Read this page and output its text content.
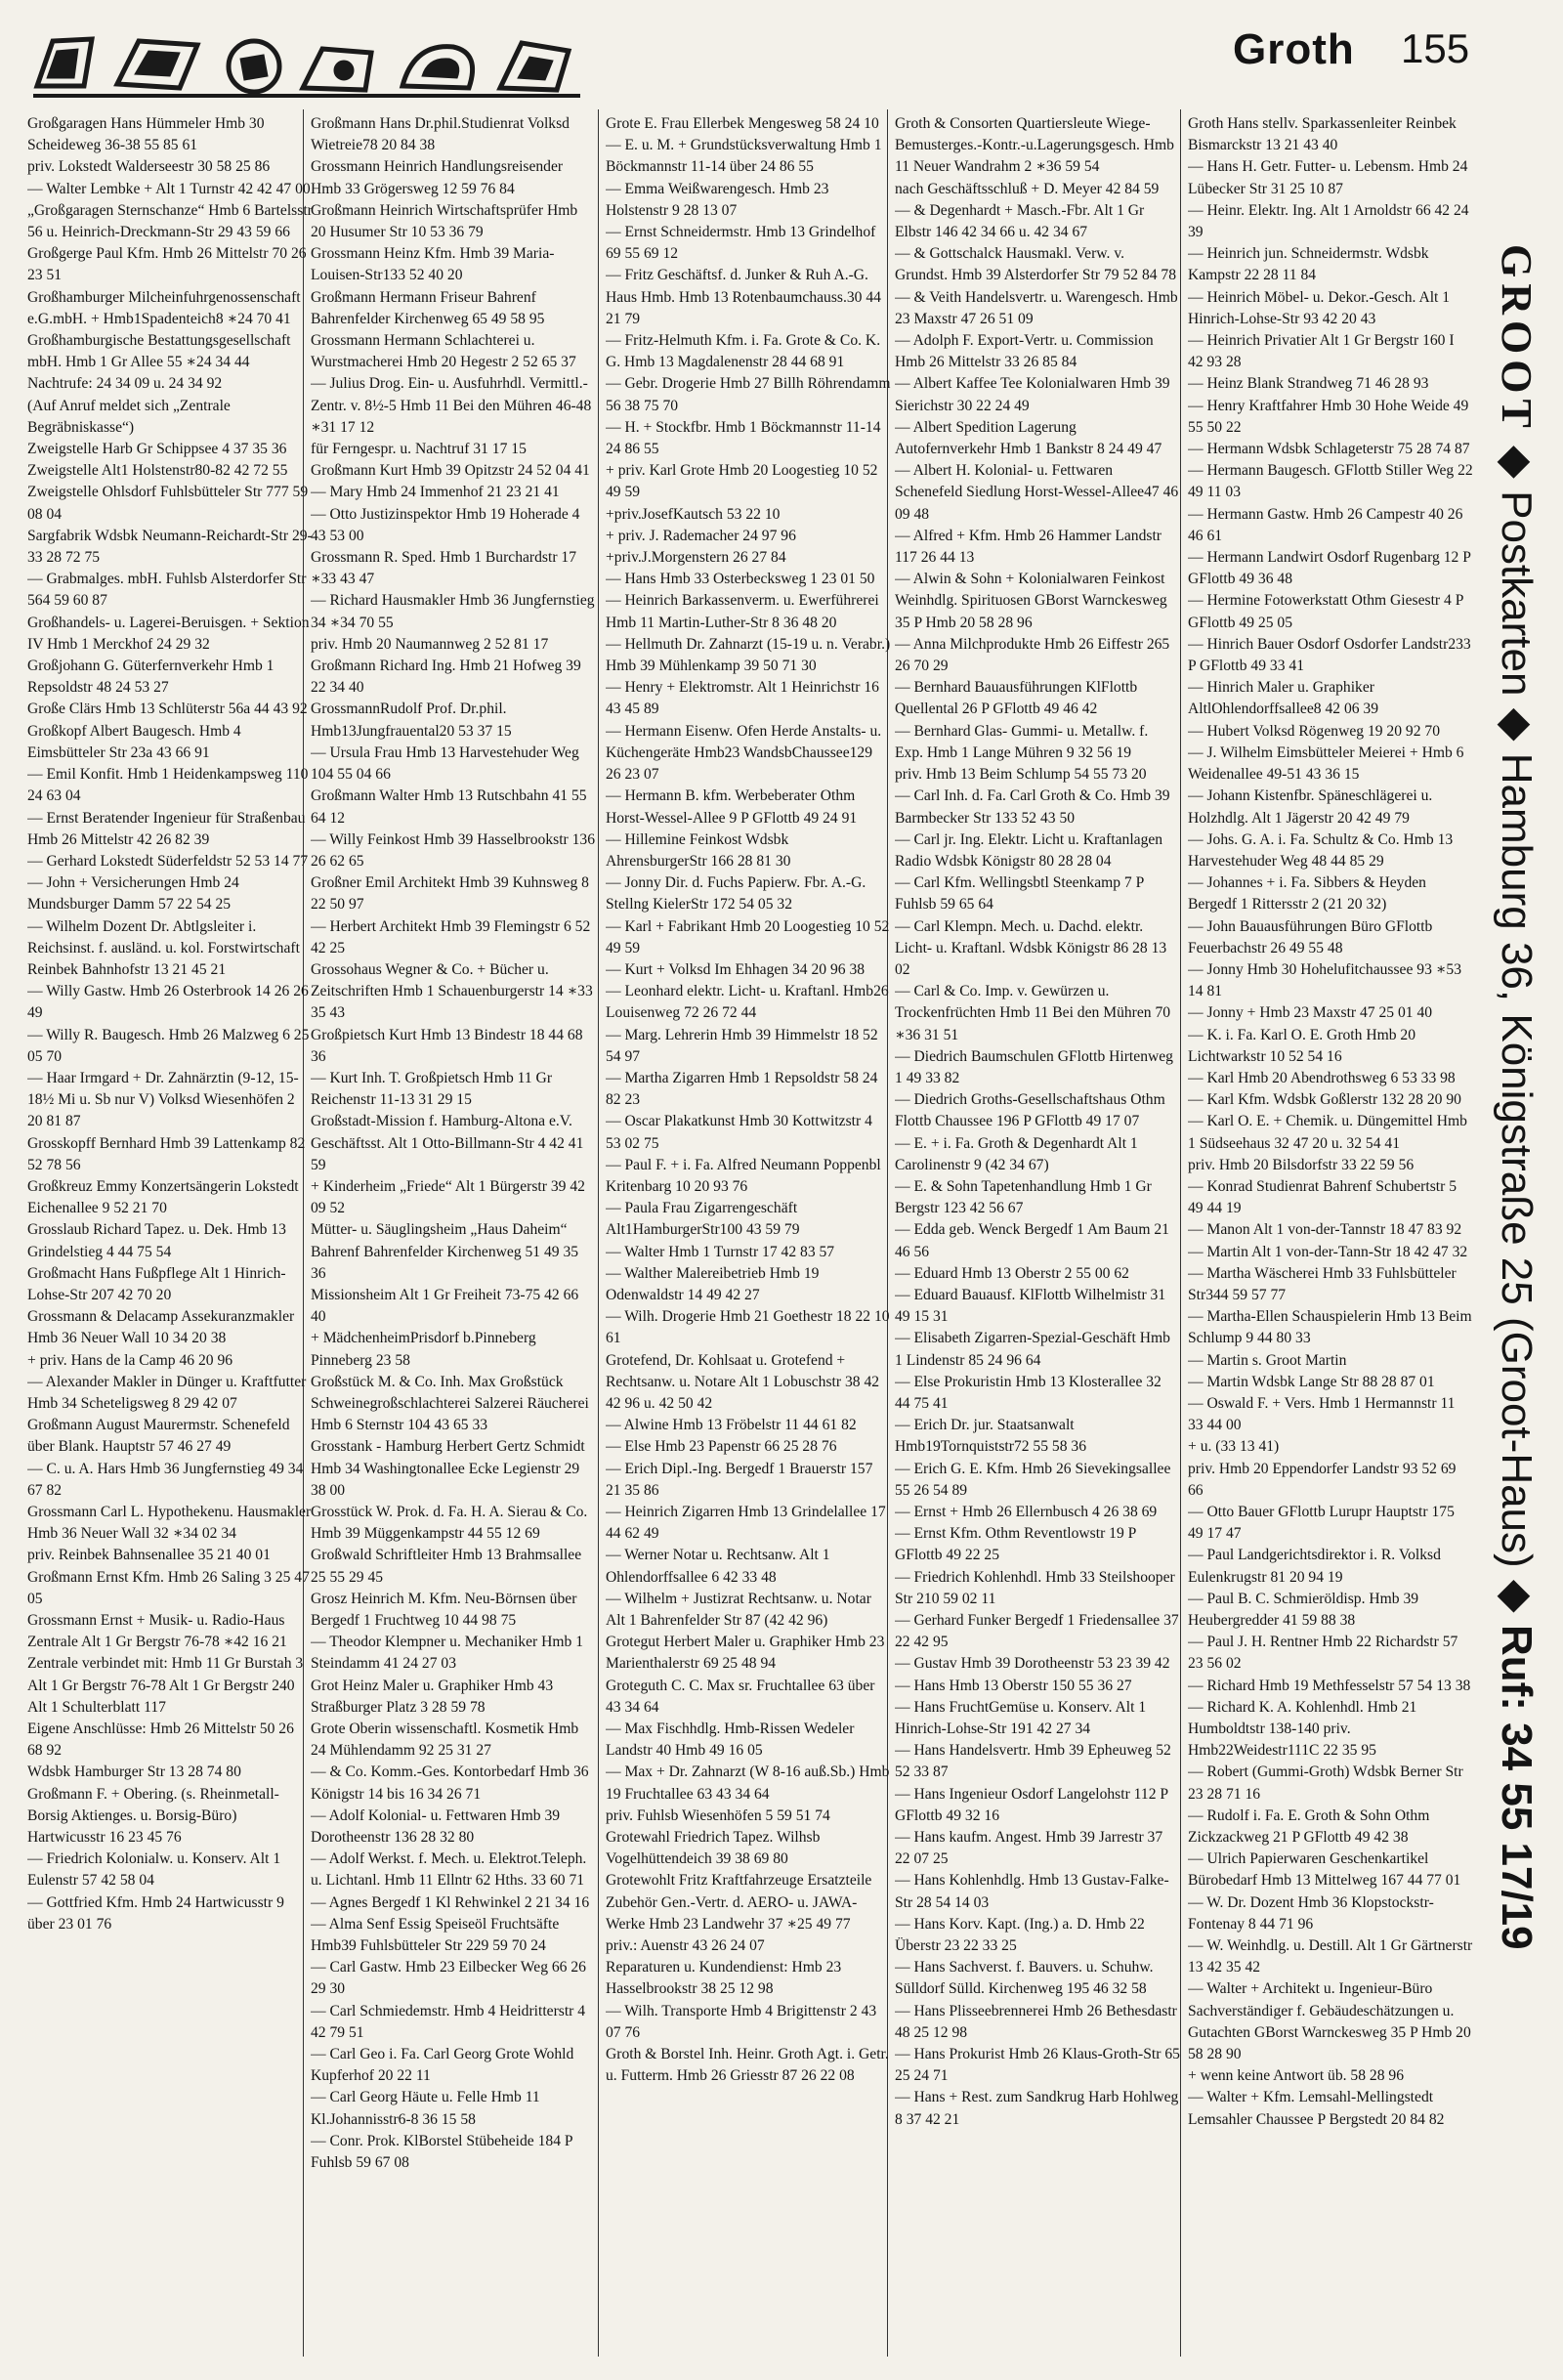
Groth 155

Großgaragen Hans Hümmeler Hmb 30 Scheideweg 36-38 55 85 61

priv. Lokstedt Walderseestr 30 58 25 86

— Walter Lembke + Alt 1 Turnstr 42 42 47 00

„Großgaragen Sternschanze“ Hmb 6 Bartelsstr 56 u. Heinrich-Dreckmann-Str 29 43 59 66

Großgerge Paul Kfm. Hmb 26 Mittelstr 70 26 23 51

Großhamburger Milcheinfuhrgenossenschaft e.G.mbH. + Hmb1Spadenteich8 ∗24 70 41

Großhamburgische Bestattungsgesellschaft mbH. Hmb 1 Gr Allee 55 ∗24 34 44

Nachtrufe: 24 34 09 u. 24 34 92

(Auf Anruf meldet sich „Zentrale Begräbniskasse“)

Zweigstelle Harb Gr Schippsee 4 37 35 36

Zweigstelle Alt1 Holstenstr80-82 42 72 55

Zweigstelle Ohlsdorf Fuhlsbütteler Str 777 59 08 04

Sargfabrik Wdsbk Neumann-Reichardt-Str 29-33 28 72 75

— Grabmalges. mbH. Fuhlsb Alsterdorfer Str 564 59 60 87

Großhandels- u. Lagerei-Beruisgen. + Sektion IV Hmb 1 Merckhof 24 29 32

Großjohann G. Güterfernverkehr Hmb 1 Repsoldstr 48 24 53 27

Große Clärs Hmb 13 Schlüterstr 56a 44 43 92

Großkopf Albert Baugesch. Hmb 4 Eimsbütteler Str 23a 43 66 91

— Emil Konfit. Hmb 1 Heidenkampsweg 110 24 63 04

— Ernst Beratender Ingenieur für Straßenbau Hmb 26 Mittelstr 42 26 82 39

— Gerhard Lokstedt Süderfeldstr 52 53 14 77

— John + Versicherungen Hmb 24 Mundsburger Damm 57 22 54 25

— Wilhelm Dozent Dr. Abtlgsleiter i. Reichsinst. f. ausländ. u. kol. Forstwirtschaft Reinbek Bahnhofstr 13 21 45 21

— Willy Gastw. Hmb 26 Osterbrook 14 26 26 49

— Willy R. Baugesch. Hmb 26 Malzweg 6 25 05 70

— Haar Irmgard + Dr. Zahnärztin (9-12, 15-18½ Mi u. Sb nur V) Volksd Wiesenhöfen 2 20 81 87

Grosskopff Bernhard Hmb 39 Lattenkamp 82 52 78 56

Großkreuz Emmy Konzertsängerin Lokstedt Eichenallee 9 52 21 70

Grosslaub Richard Tapez. u. Dek. Hmb 13 Grindelstieg 4 44 75 54

Großmacht Hans Fußpflege Alt 1 Hinrich-Lohse-Str 207 42 70 20

Grossmann & Delacamp Assekuranzmakler Hmb 36 Neuer Wall 10 34 20 38

+ priv. Hans de la Camp 46 20 96

— Alexander Makler in Dünger u. Kraftfutter Hmb 34 Scheteligsweg 8 29 42 07

Großmann August Maurermstr. Schenefeld über Blank. Hauptstr 57 46 27 49

— C. u. A. Hars Hmb 36 Jungfernstieg 49 34 67 82

Grossmann Carl L. Hypothekenu. Hausmakler Hmb 36 Neuer Wall 32 ∗34 02 34

priv. Reinbek Bahnsenallee 35 21 40 01

Großmann Ernst Kfm. Hmb 26 Saling 3 25 47 05

Grossmann Ernst + Musik- u. Radio-Haus Zentrale Alt 1 Gr Bergstr 76-78 ∗42 16 21

Zentrale verbindet mit: Hmb 11 Gr Burstah 3 Alt 1 Gr Bergstr 76-78 Alt 1 Gr Bergstr 240 Alt 1 Schulterblatt 117

Eigene Anschlüsse: Hmb 26 Mittelstr 50 26 68 92

Wdsbk Hamburger Str 13 28 74 80

Großmann F. + Obering. (s. Rheinmetall-Borsig Aktienges. u. Borsig-Büro) Hartwicusstr 16 23 45 76

— Friedrich Kolonialw. u. Konserv. Alt 1 Eulenstr 57 42 58 04

— Gottfried Kfm. Hmb 24 Hartwicusstr 9 über 23 01 76

Großmann Hans Dr.phil.Studienrat Volksd Wietreie78 20 84 38

Grossmann Heinrich Handlungsreisender Hmb 33 Grögersweg 12 59 76 84

Großmann Heinrich Wirtschaftsprüfer Hmb 20 Husumer Str 10 53 36 79

Grossmann Heinz Kfm. Hmb 39 Maria-Louisen-Str133 52 40 20

Großmann Hermann Friseur Bahrenf Bahrenfelder Kirchenweg 65 49 58 95

Grossmann Hermann Schlachterei u. Wurstmacherei Hmb 20 Hegestr 2 52 65 37

— Julius Drog. Ein- u. Ausfuhrhdl. Vermittl.-Zentr. v. 8½-5 Hmb 11 Bei den Mühren 46-48 ∗31 17 12

für Ferngespr. u. Nachtruf 31 17 15

Großmann Kurt Hmb 39 Opitzstr 24 52 04 41

— Mary Hmb 24 Immenhof 21 23 21 41

— Otto Justizinspektor Hmb 19 Hoherade 4 43 53 00

Grossmann R. Sped. Hmb 1 Burchardstr 17 ∗33 43 47

— Richard Hausmakler Hmb 36 Jungfernstieg 34 ∗34 70 55

priv. Hmb 20 Naumannweg 2 52 81 17

Großmann Richard Ing. Hmb 21 Hofweg 39 22 34 40

GrossmannRudolf Prof. Dr.phil. Hmb13Jungfrauental20 53 37 15

— Ursula Frau Hmb 13 Harvestehuder Weg 104 55 04 66

Großmann Walter Hmb 13 Rutschbahn 41 55 64 12

— Willy Feinkost Hmb 39 Hasselbrookstr 136 26 62 65

Großner Emil Architekt Hmb 39 Kuhnsweg 8 22 50 97

— Herbert Architekt Hmb 39 Flemingstr 6 52 42 25

Grossohaus Wegner & Co. + Bücher u. Zeitschriften Hmb 1 Schauenburgerstr 14 ∗33 35 43

Großpietsch Kurt Hmb 13 Bindestr 18 44 68 36

— Kurt Inh. T. Großpietsch Hmb 11 Gr Reichenstr 11-13 31 29 15

Großstadt-Mission f. Hamburg-Altona e.V. Geschäftsst. Alt 1 Otto-Billmann-Str 4 42 41 59

+ Kinderheim „Friede“ Alt 1 Bürgerstr 39 42 09 52

Mütter- u. Säuglingsheim „Haus Daheim“ Bahrenf Bahrenfelder Kirchenweg 51 49 35 36

Missionsheim Alt 1 Gr Freiheit 73-75 42 66 40

+ MädchenheimPrisdorf b.Pinneberg Pinneberg 23 58

Großstück M. & Co. Inh. Max Großstück Schweinegroßschlachterei Salzerei Räucherei Hmb 6 Sternstr 104 43 65 33

Grosstank - Hamburg Herbert Gertz Schmidt Hmb 34 Washingtonallee Ecke Legienstr 29 38 00

Grosstück W. Prok. d. Fa. H. A. Sierau & Co. Hmb 39 Müggenkampstr 44 55 12 69

Großwald Schriftleiter Hmb 13 Brahmsallee 25 55 29 45

Grosz Heinrich M. Kfm. Neu-Börnsen über Bergedf 1 Fruchtweg 10 44 98 75

— Theodor Klempner u. Mechaniker Hmb 1 Steindamm 41 24 27 03

Grot Heinz Maler u. Graphiker Hmb 43 Straßburger Platz 3 28 59 78

Grote Oberin wissenschaftl. Kosmetik Hmb 24 Mühlendamm 92 25 31 27

— & Co. Komm.-Ges. Kontorbedarf Hmb 36 Königstr 14 bis 16 34 26 71

— Adolf Kolonial- u. Fettwaren Hmb 39 Dorotheenstr 136 28 32 80

— Adolf Werkst. f. Mech. u. Elektrot.Teleph. u. Lichtanl. Hmb 11 Ellntr 62 Hths. 33 60 71

— Agnes Bergedf 1 Kl Rehwinkel 2 21 34 16

— Alma Senf Essig Speiseöl Fruchtsäfte Hmb39 Fuhlsbütteler Str 229 59 70 24

— Carl Gastw. Hmb 23 Eilbecker Weg 66 26 29 30

— Carl Schmiedemstr. Hmb 4 Heidritterstr 4 42 79 51

— Carl Geo i. Fa. Carl Georg Grote Wohld Kupferhof 20 22 11

— Carl Georg Häute u. Felle Hmb 11 Kl.Johannisstr6-8 36 15 58

— Conr. Prok. KlBorstel Stübeheide 184 P Fuhlsb 59 67 08

Grote E. Frau Ellerbek Mengesweg 58 24 10

— E. u. M. + Grundstücksverwaltung Hmb 1 Böckmannstr 11-14 über 24 86 55

— Emma Weißwarengesch. Hmb 23 Holstenstr 9 28 13 07

— Ernst Schneidermstr. Hmb 13 Grindelhof 69 55 69 12

— Fritz Geschäftsf. d. Junker & Ruh A.-G. Haus Hmb. Hmb 13 Rotenbaumchauss.30 44 21 79

— Fritz-Helmuth Kfm. i. Fa. Grote & Co. K. G. Hmb 13 Magdalenenstr 28 44 68 91

— Gebr. Drogerie Hmb 27 Billh Röhrendamm 56 38 75 70

— H. + Stockfbr. Hmb 1 Böckmannstr 11-14 24 86 55

+ priv. Karl Grote Hmb 20 Loogestieg 10 52 49 59

+priv.JosefKautsch 53 22 10

+ priv. J. Rademacher 24 97 96

+priv.J.Morgenstern 26 27 84

— Hans Hmb 33 Osterbecksweg 1 23 01 50

— Heinrich Barkassenverm. u. Ewerführerei Hmb 11 Martin-Luther-Str 8 36 48 20

— Hellmuth Dr. Zahnarzt (15-19 u. n. Verabr.) Hmb 39 Mühlenkamp 39 50 71 30

— Henry + Elektromstr. Alt 1 Heinrichstr 16 43 45 89

— Hermann Eisenw. Ofen Herde Anstalts- u. Küchengeräte Hmb23 WandsbChaussee129 26 23 07

— Hermann B. kfm. Werbeberater Othm Horst-Wessel-Allee 9 P GFlottb 49 24 91

— Hillemine Feinkost Wdsbk AhrensburgerStr 166 28 81 30

— Jonny Dir. d. Fuchs Papierw. Fbr. A.-G. Stellng KielerStr 172 54 05 32

— Karl + Fabrikant Hmb 20 Loogestieg 10 52 49 59

— Kurt + Volksd Im Ehhagen 34 20 96 38

— Leonhard elektr. Licht- u. Kraftanl. Hmb26 Louisenweg 72 26 72 44

— Marg. Lehrerin Hmb 39 Himmelstr 18 52 54 97

— Martha Zigarren Hmb 1 Repsoldstr 58 24 82 23

— Oscar Plakatkunst Hmb 30 Kottwitzstr 4 53 02 75

— Paul F. + i. Fa. Alfred Neumann Poppenbl Kritenbarg 10 20 93 76

— Paula Frau Zigarrengeschäft Alt1HamburgerStr100 43 59 79

— Walter Hmb 1 Turnstr 17 42 83 57

— Walther Malereibetrieb Hmb 19 Odenwaldstr 14 49 42 27

— Wilh. Drogerie Hmb 21 Goethestr 18 22 10 61

Grotefend, Dr. Kohlsaat u. Grotefend + Rechtsanw. u. Notare Alt 1 Lobuschstr 38 42 42 96 u. 42 50 42

— Alwine Hmb 13 Fröbelstr 11 44 61 82

— Else Hmb 23 Papenstr 66 25 28 76

— Erich Dipl.-Ing. Bergedf 1 Brauerstr 157 21 35 86

— Heinrich Zigarren Hmb 13 Grindelallee 17 44 62 49

— Werner Notar u. Rechtsanw. Alt 1 Ohlendorffsallee 6 42 33 48

— Wilhelm + Justizrat Rechtsanw. u. Notar Alt 1 Bahrenfelder Str 87 (42 42 96)

Grotegut Herbert Maler u. Graphiker Hmb 23 Marienthalerstr 69 25 48 94

Groteguth C. C. Max sr. Fruchtallee 63 über 43 34 64

— Max Fischhdlg. Hmb-Rissen Wedeler Landstr 40 Hmb 49 16 05

— Max + Dr. Zahnarzt (W 8-16 auß.Sb.) Hmb 19 Fruchtallee 63 43 34 64

priv. Fuhlsb Wiesenhöfen 5 59 51 74

Grotewahl Friedrich Tapez. Wilhsb Vogelhüttendeich 39 38 69 80

Grotewohlt Fritz Kraftfahrzeuge Ersatzteile Zubehör Gen.-Vertr. d. AERO- u. JAWA-Werke Hmb 23 Landwehr 37 ∗25 49 77

priv.: Auenstr 43 26 24 07

Reparaturen u. Kundendienst: Hmb 23 Hasselbrookstr 38 25 12 98

— Wilh. Transporte Hmb 4 Brigittenstr 2 43 07 76

Groth & Borstel Inh. Heinr. Groth Agt. i. Getr. u. Futterm. Hmb 26 Griesstr 87 26 22 08

Groth & Consorten Quartiersleute Wiege-Bemusterges.-Kontr.-u.Lagerungsgesch. Hmb 11 Neuer Wandrahm 2 ∗36 59 54

nach Geschäftsschluß + D. Meyer 42 84 59

— & Degenhardt + Masch.-Fbr. Alt 1 Gr Elbstr 146 42 34 66 u. 42 34 67

— & Gottschalck Hausmakl. Verw. v. Grundst. Hmb 39 Alsterdorfer Str 79 52 84 78

— & Veith Handelsvertr. u. Warengesch. Hmb 23 Maxstr 47 26 51 09

— Adolph F. Export-Vertr. u. Commission Hmb 26 Mittelstr 33 26 85 84

— Albert Kaffee Tee Kolonialwaren Hmb 39 Sierichstr 30 22 24 49

— Albert Spedition Lagerung Autofernverkehr Hmb 1 Bankstr 8 24 49 47

— Albert H. Kolonial- u. Fettwaren Schenefeld Siedlung Horst-Wessel-Allee47 46 09 48

— Alfred + Kfm. Hmb 26 Hammer Landstr 117 26 44 13

— Alwin & Sohn + Kolonialwaren Feinkost Weinhdlg. Spirituosen GBorst Warnckesweg 35 P Hmb 20 58 28 96

— Anna Milchprodukte Hmb 26 Eiffestr 265 26 70 29

— Bernhard Bauausführungen KlFlottb Quellental 26 P GFlottb 49 46 42

— Bernhard Glas- Gummi- u. Metallw. f. Exp. Hmb 1 Lange Mühren 9 32 56 19

priv. Hmb 13 Beim Schlump 54 55 73 20

— Carl Inh. d. Fa. Carl Groth & Co. Hmb 39 Barmbecker Str 133 52 43 50

— Carl jr. Ing. Elektr. Licht u. Kraftanlagen Radio Wdsbk Königstr 80 28 28 04

— Carl Kfm. Wellingsbtl Steenkamp 7 P Fuhlsb 59 65 64

— Carl Klempn. Mech. u. Dachd. elektr. Licht- u. Kraftanl. Wdsbk Königstr 86 28 13 02

— Carl & Co. Imp. v. Gewürzen u. Trockenfrüchten Hmb 11 Bei den Mühren 70 ∗36 31 51

— Diedrich Baumschulen GFlottb Hirtenweg 1 49 33 82

— Diedrich Groths-Gesellschaftshaus Othm Flottb Chaussee 196 P GFlottb 49 17 07

— E. + i. Fa. Groth & Degenhardt Alt 1 Carolinenstr 9 (42 34 67)

— E. & Sohn Tapetenhandlung Hmb 1 Gr Bergstr 123 42 56 67

— Edda geb. Wenck Bergedf 1 Am Baum 21 46 56

— Eduard Hmb 13 Oberstr 2 55 00 62

— Eduard Bauausf. KlFlottb Wilhelmistr 31 49 15 31

— Elisabeth Zigarren-Spezial-Geschäft Hmb 1 Lindenstr 85 24 96 64

— Else Prokuristin Hmb 13 Klosterallee 32 44 75 41

— Erich Dr. jur. Staatsanwalt Hmb19Tornquiststr72 55 58 36

— Erich G. E. Kfm. Hmb 26 Sievekingsallee 55 26 54 89

— Ernst + Hmb 26 Ellernbusch 4 26 38 69

— Ernst Kfm. Othm Reventlowstr 19 P GFlottb 49 22 25

— Friedrich Kohlenhdl. Hmb 33 Steilshooper Str 210 59 02 11

— Gerhard Funker Bergedf 1 Friedensallee 37 22 42 95

— Gustav Hmb 39 Dorotheenstr 53 23 39 42

— Hans Hmb 13 Oberstr 150 55 36 27

— Hans FruchtGemüse u. Konserv. Alt 1 Hinrich-Lohse-Str 191 42 27 34

— Hans Handelsvertr. Hmb 39 Epheuweg 52 52 33 87

— Hans Ingenieur Osdorf Langelohstr 112 P GFlottb 49 32 16

— Hans kaufm. Angest. Hmb 39 Jarrestr 37 22 07 25

— Hans Kohlenhdlg. Hmb 13 Gustav-Falke-Str 28 54 14 03

— Hans Korv. Kapt. (Ing.) a. D. Hmb 22 Überstr 23 22 33 25

— Hans Sachverst. f. Bauvers. u. Schuhw. Sülldorf Sülld. Kirchenweg 195 46 32 58

— Hans Plisseebrennerei Hmb 26 Bethesdastr 48 25 12 98

— Hans Prokurist Hmb 26 Klaus-Groth-Str 65 25 24 71

— Hans + Rest. zum Sandkrug Harb Hohlweg 8 37 42 21

Groth Hans stellv. Sparkassenleiter Reinbek Bismarckstr 13 21 43 40

— Hans H. Getr. Futter- u. Lebensm. Hmb 24 Lübecker Str 31 25 10 87

— Heinr. Elektr. Ing. Alt 1 Arnoldstr 66 42 24 39

— Heinrich jun. Schneidermstr. Wdsbk Kampstr 22 28 11 84

— Heinrich Möbel- u. Dekor.-Gesch. Alt 1 Hinrich-Lohse-Str 93 42 20 43

— Heinrich Privatier Alt 1 Gr Bergstr 160 I 42 93 28

— Heinz Blank Strandweg 71 46 28 93

— Henry Kraftfahrer Hmb 30 Hohe Weide 49 55 50 22

— Hermann Wdsbk Schlageterstr 75 28 74 87

— Hermann Baugesch. GFlottb Stiller Weg 22 49 11 03

— Hermann Gastw. Hmb 26 Campestr 40 26 46 61

— Hermann Landwirt Osdorf Rugenbarg 12 P GFlottb 49 36 48

— Hermine Fotowerkstatt Othm Giesestr 4 P GFlottb 49 25 05

— Hinrich Bauer Osdorf Osdorfer Landstr233 P GFlottb 49 33 41

— Hinrich Maler u. Graphiker AltlOhlendorffsallee8 42 06 39

— Hubert Volksd Rögenweg 19 20 92 70

— J. Wilhelm Eimsbütteler Meierei + Hmb 6 Weidenallee 49-51 43 36 15

— Johann Kistenfbr. Späneschlägerei u. Holzhdlg. Alt 1 Jägerstr 20 42 49 79

— Johs. G. A. i. Fa. Schultz & Co. Hmb 13 Harvestehuder Weg 48 44 85 29

— Johannes + i. Fa. Sibbers & Heyden Bergedf 1 Rittersstr 2 (21 20 32)

— John Bauausführungen Büro GFlottb Feuerbachstr 26 49 55 48

— Jonny Hmb 30 Hohelufitchaussee 93 ∗53 14 81

— Jonny + Hmb 23 Maxstr 47 25 01 40

— K. i. Fa. Karl O. E. Groth Hmb 20 Lichtwarkstr 10 52 54 16

— Karl Hmb 20 Abendrothsweg 6 53 33 98

— Karl Kfm. Wdsbk Goßlerstr 132 28 20 90

— Karl O. E. + Chemik. u. Düngemittel Hmb 1 Südseehaus 32 47 20 u. 32 54 41

priv. Hmb 20 Bilsdorfstr 33 22 59 56

— Konrad Studienrat Bahrenf Schubertstr 5 49 44 19

— Manon Alt 1 von-der-Tannstr 18 47 83 92

— Martin Alt 1 von-der-Tann-Str 18 42 47 32

— Martha Wäscherei Hmb 33 Fuhlsbütteler Str344 59 57 77

— Martha-Ellen Schauspielerin Hmb 13 Beim Schlump 9 44 80 33

— Martin s. Groot Martin

— Martin Wdsbk Lange Str 88 28 87 01

— Oswald F. + Vers. Hmb 1 Hermannstr 11 33 44 00

+ u. (33 13 41)

priv. Hmb 20 Eppendorfer Landstr 93 52 69 66

— Otto Bauer GFlottb Lurupr Hauptstr 175 49 17 47

— Paul Landgerichtsdirektor i. R. Volksd Eulenkrugstr 81 20 94 19

— Paul B. C. Schmieröldisp. Hmb 39 Heubergredder 41 59 88 38

— Paul J. H. Rentner Hmb 22 Richardstr 57 23 56 02

— Richard Hmb 19 Methfesselstr 57 54 13 38

— Richard K. A. Kohlenhdl. Hmb 21 Humboldtstr 138-140 priv. Hmb22Weidestr111C 22 35 95

— Robert (Gummi-Groth) Wdsbk Berner Str 23 28 71 16

— Rudolf i. Fa. E. Groth & Sohn Othm Zickzackweg 21 P GFlottb 49 42 38

— Ulrich Papierwaren Geschenkartikel Bürobedarf Hmb 13 Mittelweg 167 44 77 01

— W. Dr. Dozent Hmb 36 Klopstockstr-Fontenay 8 44 71 96

— W. Weinhdlg. u. Destill. Alt 1 Gr Gärtnerstr 13 42 35 42

— Walter + Architekt u. Ingenieur-Büro Sachverständiger f. Gebäudeschätzungen u. Gutachten GBorst Warnckesweg 35 P Hmb 20 58 28 90

+ wenn keine Antwort üb. 58 28 96

— Walter + Kfm. Lemsahl-Mellingstedt Lemsahler Chaussee P Bergstedt 20 84 82

GROOT ◆ Postkarten ◆ Hamburg 36, Königstraße 25 (Groot-Haus) ◆ Ruf: 34 55 17/19
